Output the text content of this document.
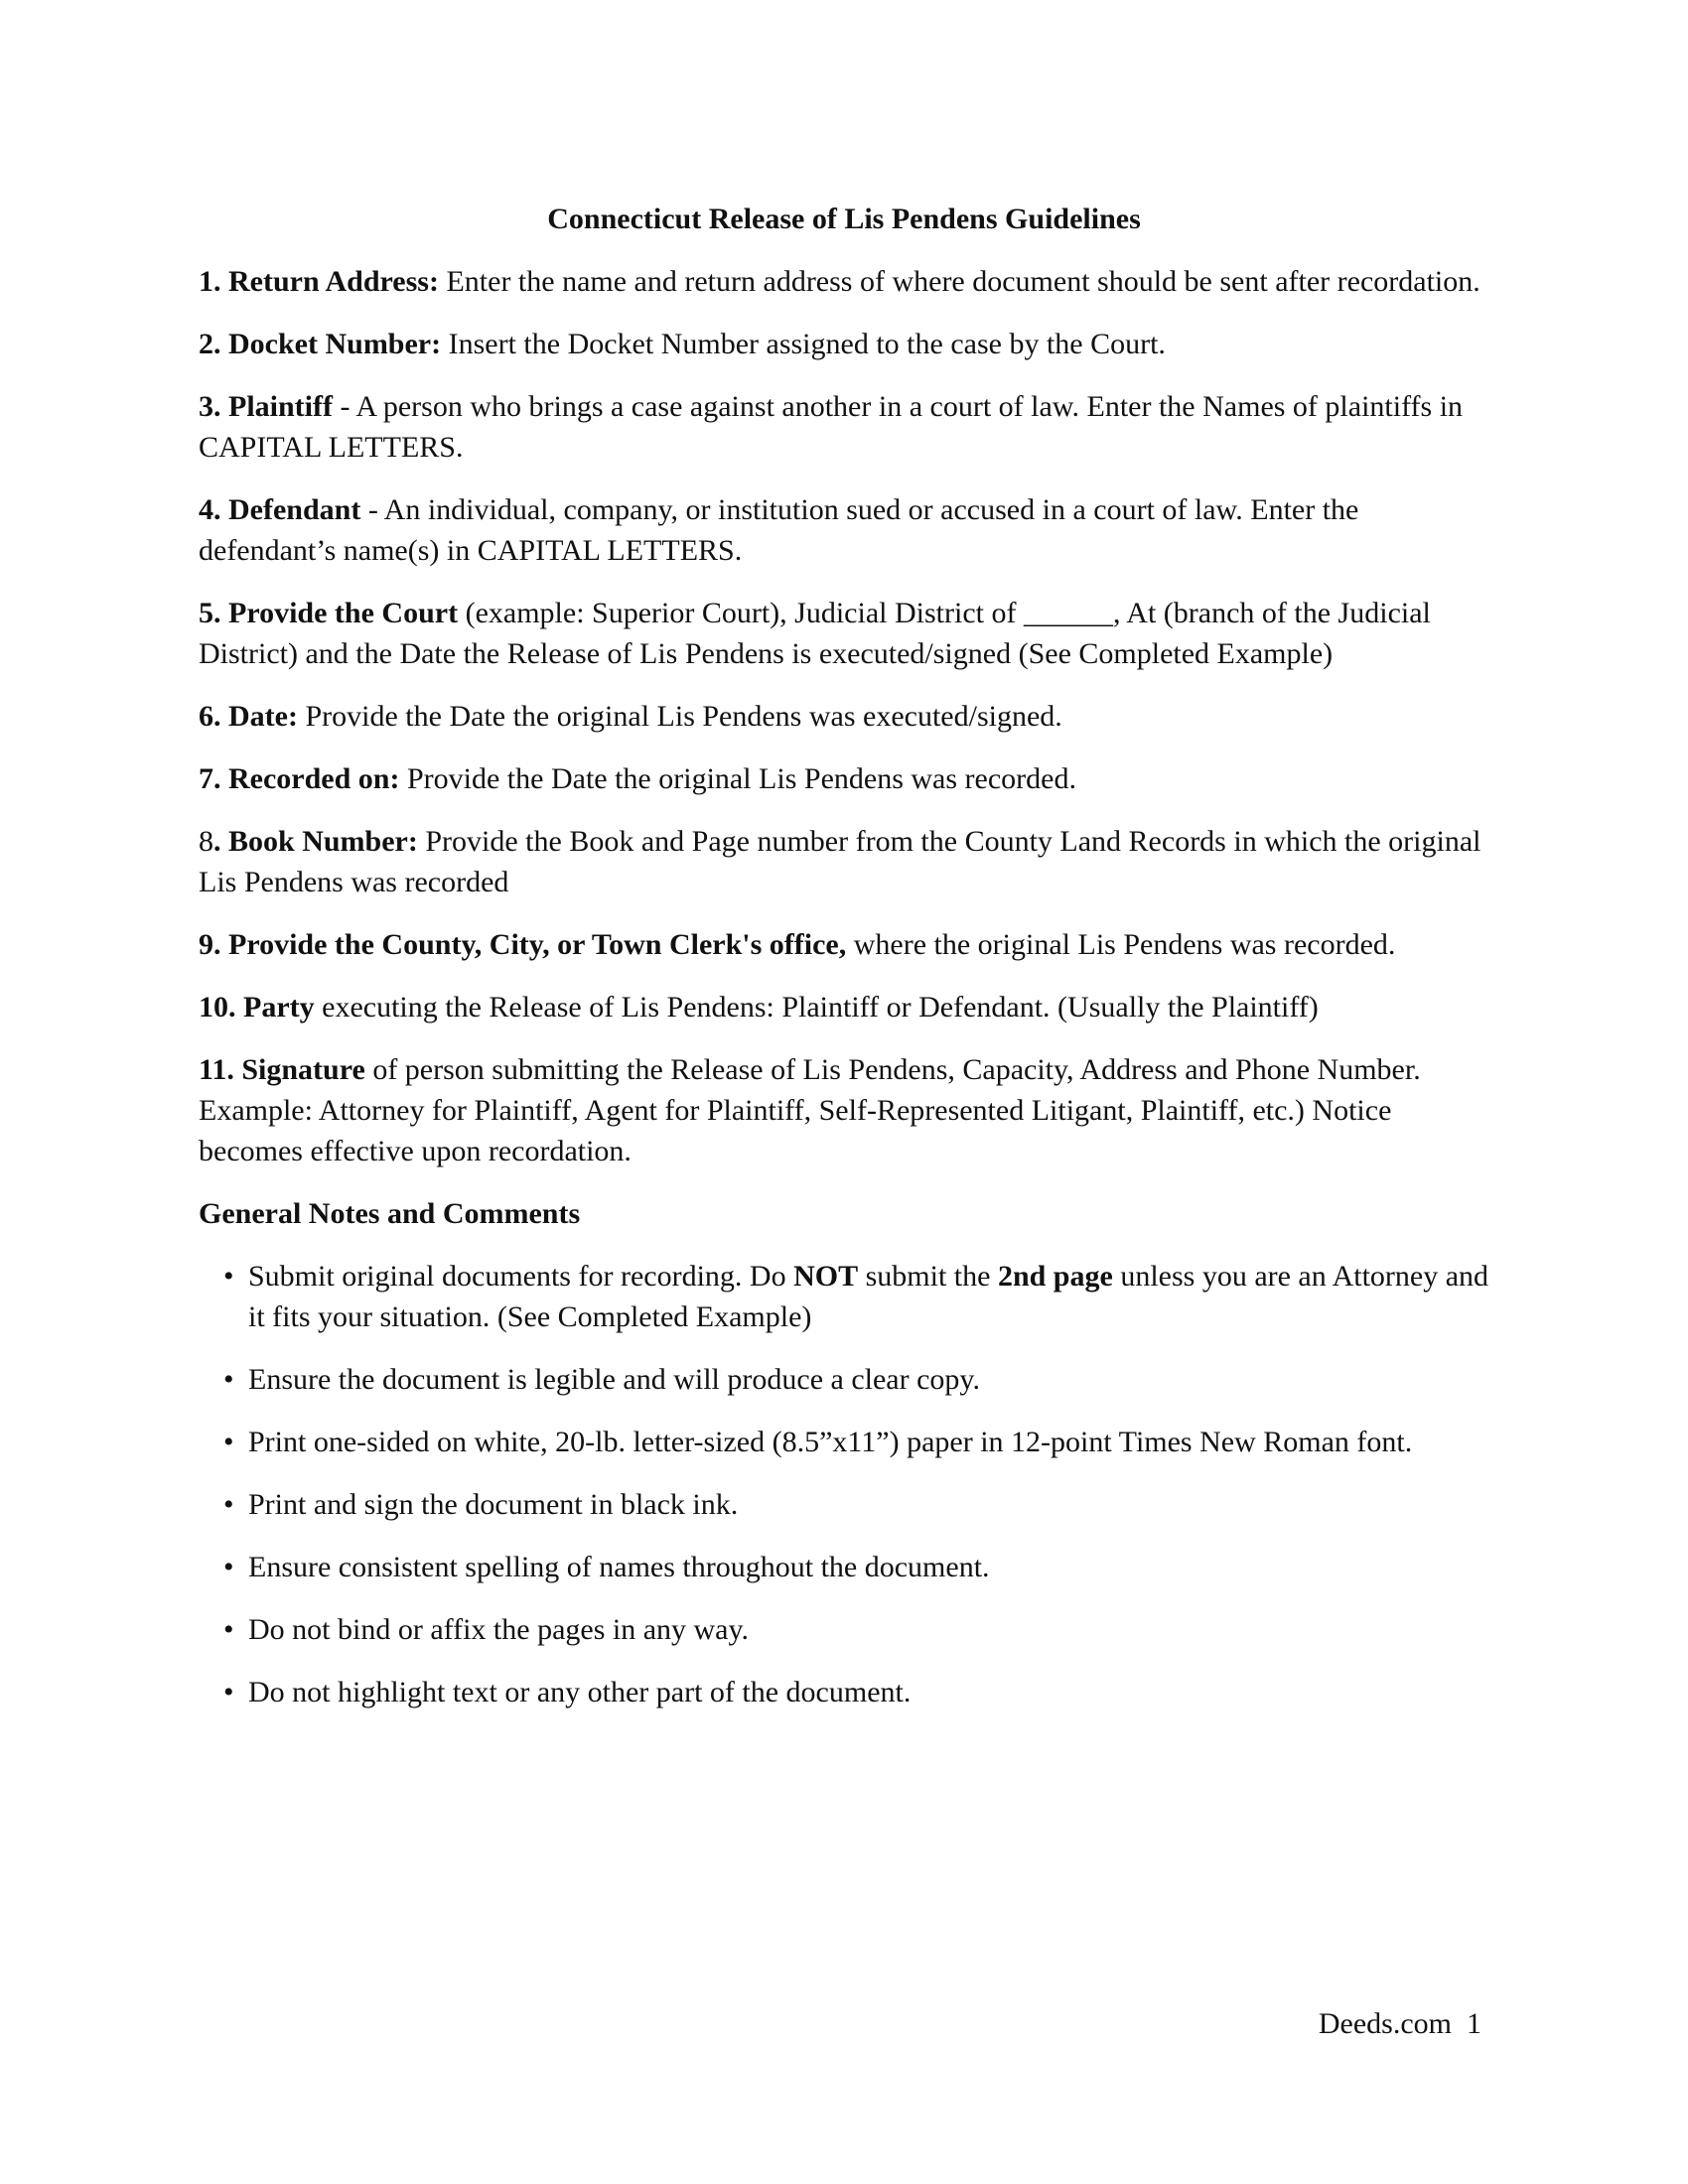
Connecticut Release of Lis Pendens Guidelines
1. Return Address: Enter the name and return address of where document should be sent after recordation.
2. Docket Number: Insert the Docket Number assigned to the case by the Court.
3. Plaintiff - A person who brings a case against another in a court of law. Enter the Names of plaintiffs in CAPITAL LETTERS.
4. Defendant - An individual, company, or institution sued or accused in a court of law. Enter the defendant’s name(s) in CAPITAL LETTERS.
5. Provide the Court (example: Superior Court), Judicial District of ______, At (branch of the Judicial District) and the Date the Release of Lis Pendens is executed/signed (See Completed Example)
6. Date: Provide the Date the original Lis Pendens was executed/signed.
7. Recorded on: Provide the Date the original Lis Pendens was recorded.
8. Book Number: Provide the Book and Page number from the County Land Records in which the original Lis Pendens was recorded
9. Provide the County, City, or Town Clerk's office, where the original Lis Pendens was recorded.
10. Party executing the Release of Lis Pendens: Plaintiff or Defendant. (Usually the Plaintiff)
11. Signature of person submitting the Release of Lis Pendens, Capacity, Address and Phone Number. Example: Attorney for Plaintiff, Agent for Plaintiff, Self-Represented Litigant, Plaintiff, etc.) Notice becomes effective upon recordation.
General Notes and Comments
• Submit original documents for recording. Do NOT submit the 2nd page unless you are an Attorney and it fits your situation. (See Completed Example)
• Ensure the document is legible and will produce a clear copy.
• Print one-sided on white, 20-lb. letter-sized (8.5”x11”) paper in 12-point Times New Roman font.
• Print and sign the document in black ink.
• Ensure consistent spelling of names throughout the document.
• Do not bind or affix the pages in any way.
• Do not highlight text or any other part of the document.
Deeds.com 1
